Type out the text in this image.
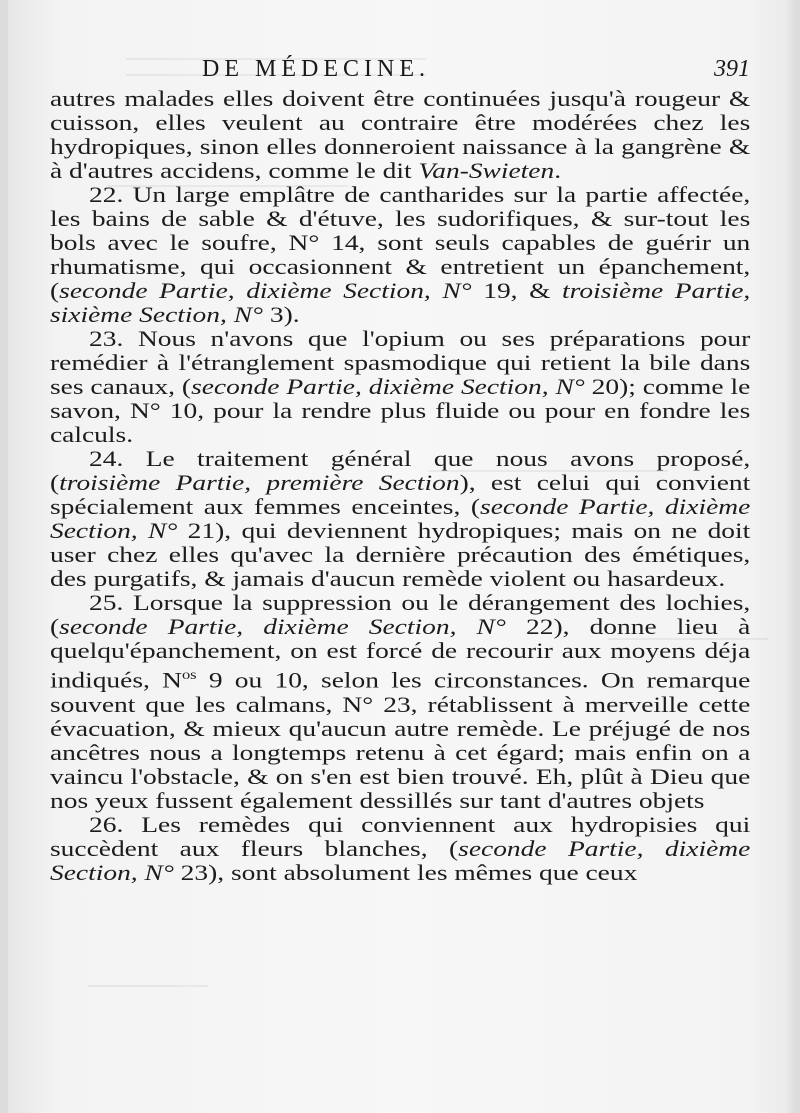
DE MÉDECINE.	391

autres malades elles doivent être continuées jusqu'à rougeur & cuisson, elles veulent au contraire être modérées chez les hydropiques, sinon elles donneroient naissance à la gangrène & à d'autres accidens, comme le dit Van-Swieten.

22. Un large emplâtre de cantharides sur la partie affectée, les bains de sable & d'étuve, les sudorifiques, & sur-tout les bols avec le soufre, N° 14, sont seuls capables de guérir un rhumatisme, qui occasionnent & entretient un épanchement, (seconde Partie, dixième Section, N° 19, & troisième Partie, sixième Section, N° 3).

23. Nous n'avons que l'opium ou ses préparations pour remédier à l'étranglement spasmodique qui retient la bile dans ses canaux, (seconde Partie, dixième Section, N° 20); comme le savon, N° 10, pour la rendre plus fluide ou pour en fondre les calculs.

24. Le traitement général que nous avons proposé, (troisième Partie, première Section), est celui qui convient spécialement aux femmes enceintes, (seconde Partie, dixième Section, N° 21), qui deviennent hydropiques; mais on ne doit user chez elles qu'avec la dernière précaution des émétiques, des purgatifs, & jamais d'aucun remède violent ou hasardeux.

25. Lorsque la suppression ou le dérangement des lochies, (seconde Partie, dixième Section, N° 22), donne lieu à quelqu'épanchement, on est forcé de recourir aux moyens déja indiqués, $N^{os}$ 9 ou 10, selon les circonstances. On remarque souvent que les calmans, N° 23, rétablissent à merveille cette évacuation, & mieux qu'aucun autre remède. Le préjugé de nos ancêtres nous a longtemps retenu à cet égard; mais enfin on a vaincu l'obstacle, & on s'en est bien trouvé. Eh, plût à Dieu que nos yeux fussent également dessillés sur tant d'autres objets

26. Les remèdes qui conviennent aux hydropisies qui succèdent aux fleurs blanches, (seconde Partie, dixième Section, N° 23), sont absolument les mêmes que ceux
